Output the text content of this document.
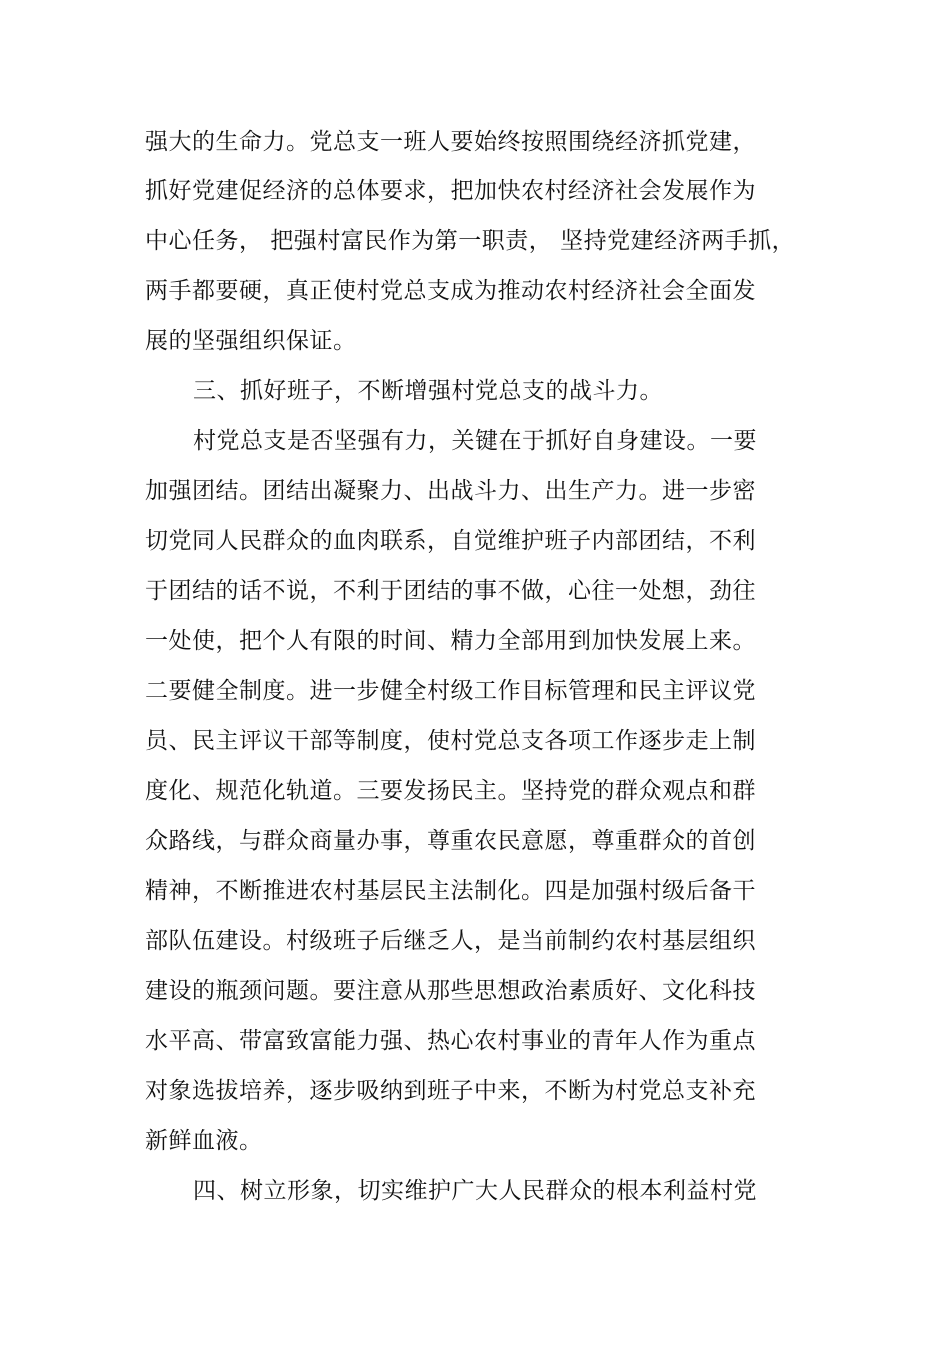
强大的生命力。党总支一班人要始终按照围绕经济抓党建，
抓好党建促经济的总体要求，把加快农村经济社会发展作为
中心任务， 把强村富民作为第一职责， 坚持党建经济两手抓，
两手都要硬，真正使村党总支成为推动农村经济社会全面发
展的坚强组织保证。
三、抓好班子，不断增强村党总支的战斗力。
村党总支是否坚强有力，关键在于抓好自身建设。一要
加强团结。团结出凝聚力、出战斗力、出生产力。进一步密
切党同人民群众的血肉联系，自觉维护班子内部团结，不利
于团结的话不说，不利于团结的事不做，心往一处想，劲往
一处使，把个人有限的时间、精力全部用到加快发展上来。
二要健全制度。进一步健全村级工作目标管理和民主评议党
员、民主评议干部等制度，使村党总支各项工作逐步走上制
度化、规范化轨道。三要发扬民主。坚持党的群众观点和群
众路线，与群众商量办事，尊重农民意愿，尊重群众的首创
精神，不断推进农村基层民主法制化。四是加强村级后备干
部队伍建设。村级班子后继乏人，是当前制约农村基层组织
建设的瓶颈问题。要注意从那些思想政治素质好、文化科技
水平高、带富致富能力强、热心农村事业的青年人作为重点
对象选拔培养，逐步吸纳到班子中来，不断为村党总支补充
新鲜血液。
四、树立形象，切实维护广大人民群众的根本利益村党
